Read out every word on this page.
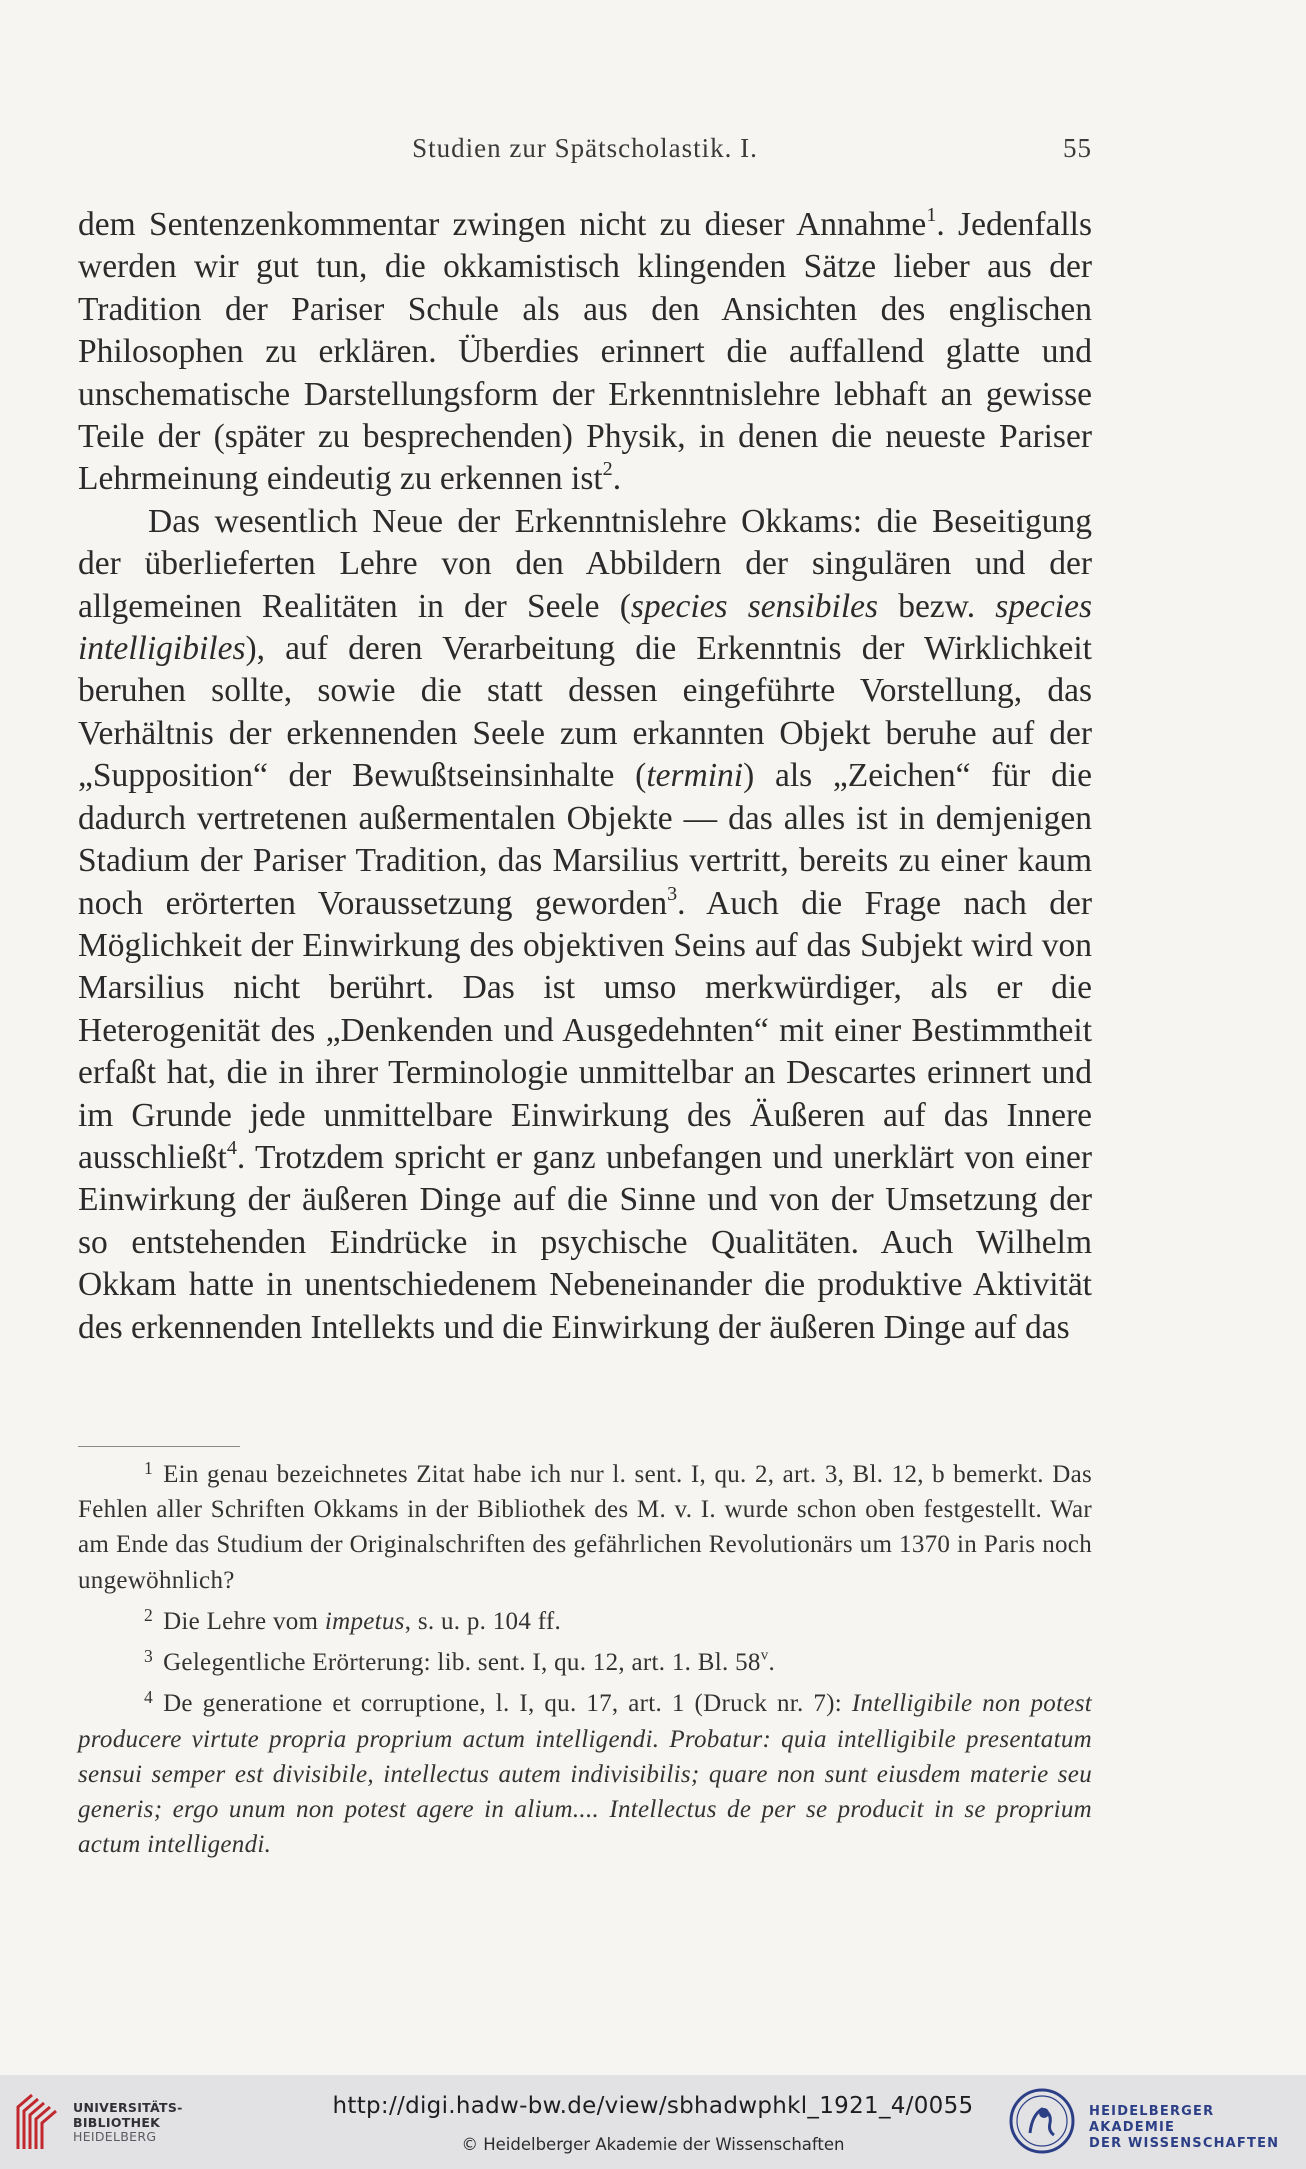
Studien zur Spätscholastik. I.	55

dem Sentenzenkommentar zwingen nicht zu dieser Annahme$^1$. Jedenfalls werden wir gut tun, die okkamistisch klingenden Sätze lieber aus der Tradition der Pariser Schule als aus den Ansichten des englischen Philosophen zu erklären. Überdies erinnert die auffallend glatte und unschematische Darstellungsform der Erkenntnislehre lebhaft an gewisse Teile der (später zu besprechenden) Physik, in denen die neueste Pariser Lehrmeinung eindeutig zu erkennen ist$^2$.

Das wesentlich Neue der Erkenntnislehre Okkams: die Beseitigung der überlieferten Lehre von den Abbildern der singulären und der allgemeinen Realitäten in der Seele (species sensibiles bezw. species intelligibiles), auf deren Verarbeitung die Erkenntnis der Wirklichkeit beruhen sollte, sowie die statt dessen eingeführte Vorstellung, das Verhältnis der erkennenden Seele zum erkannten Objekt beruhe auf der „Supposition“ der Bewußtseinsinhalte (termini) als „Zeichen“ für die dadurch vertretenen außermentalen Objekte — das alles ist in demjenigen Stadium der Pariser Tradition, das Marsilius vertritt, bereits zu einer kaum noch erörterten Voraussetzung geworden$^3$. Auch die Frage nach der Möglichkeit der Einwirkung des objektiven Seins auf das Subjekt wird von Marsilius nicht berührt. Das ist umso merkwürdiger, als er die Heterogenität des „Denkenden und Ausgedehnten“ mit einer Bestimmtheit erfaßt hat, die in ihrer Terminologie unmittelbar an Descartes erinnert und im Grunde jede unmittelbare Einwirkung des Äußeren auf das Innere ausschließt$^4$. Trotzdem spricht er ganz unbefangen und unerklärt von einer Einwirkung der äußeren Dinge auf die Sinne und von der Umsetzung der so entstehenden Eindrücke in psychische Qualitäten. Auch Wilhelm Okkam hatte in unentschiedenem Nebeneinander die produktive Aktivität des erkennenden Intellekts und die Einwirkung der äußeren Dinge auf das

$^1$ Ein genau bezeichnetes Zitat habe ich nur l. sent. I, qu. 2, art. 3, Bl. 12, b bemerkt. Das Fehlen aller Schriften Okkams in der Bibliothek des M. v. I. wurde schon oben festgestellt. War am Ende das Studium der Originalschriften des gefährlichen Revolutionärs um 1370 in Paris noch ungewöhnlich?

$^2$ Die Lehre vom impetus, s. u. p. 104 ff.

$^3$ Gelegentliche Erörterung: lib. sent. I, qu. 12, art. 1. Bl. 58$^v$.

$^4$ De generatione et corruptione, l. I, qu. 17, art. 1 (Druck nr. 7): Intelligibile non potest producere virtute propria proprium actum intelligendi. Probatur: quia intelligibile presentatum sensui semper est divisibile, intellectus autem indivisibilis; quare non sunt eiusdem materie seu generis; ergo unum non potest agere in alium.... Intellectus de per se producit in se proprium actum intelligendi.

UNIVERSITÄTS-
BIBLIOTHEK
HEIDELBERG
http://digi.hadw-bw.de/view/sbhadwphkl_1921_4/0055
© Heidelberger Akademie der Wissenschaften
HEIDELBERGER AKADEMIE
DER WISSENSCHAFTEN
